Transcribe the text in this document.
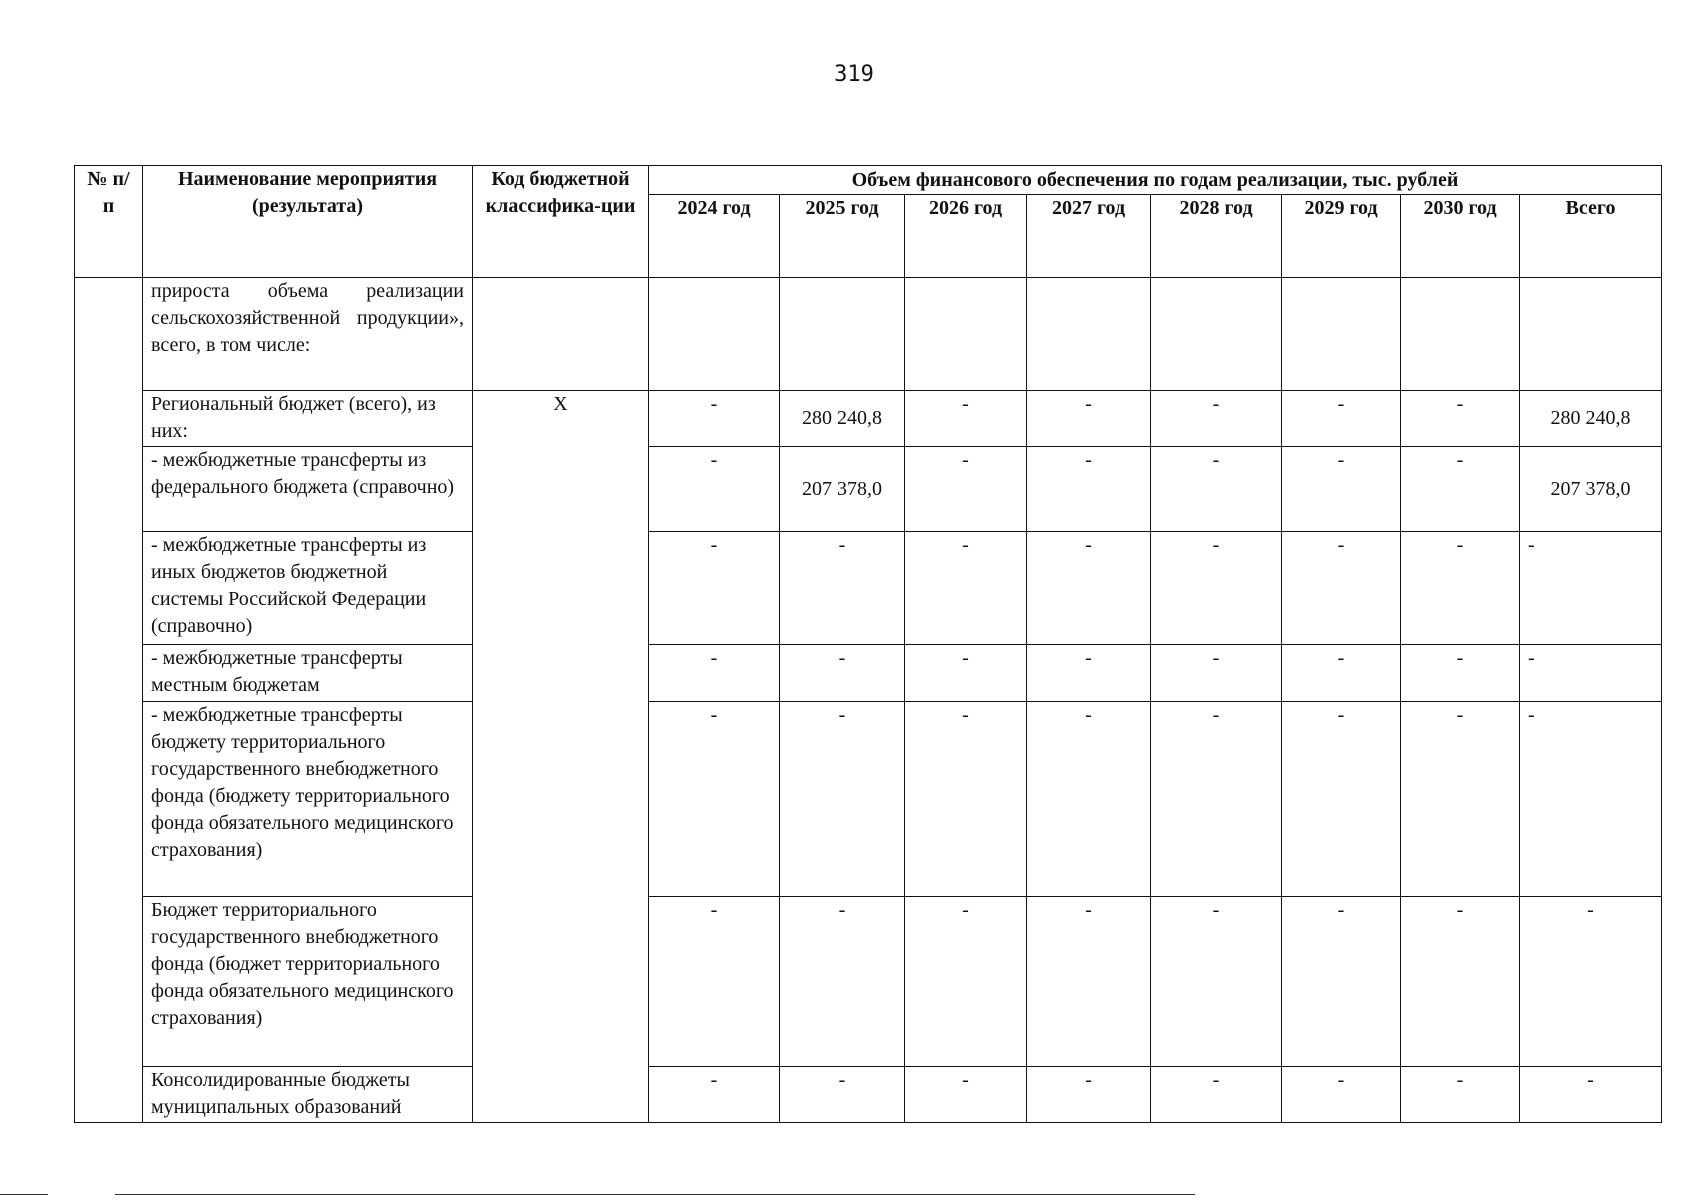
319
№ п/п	Наименование мероприятия (результата)	Код бюджетной классифика-ции	Объем финансового обеспечения по годам реализации, тыс. рублей							
			2024 год	2025 год	2026 год	2027 год	2028 год	2029 год	2030 год	Всего
	прироста объема реализации сельскохозяйственной продукции», всего, в том числе:									
	Региональный бюджет (всего), из них:	Х	-	280 240,8	-	-	-	-	-	280 240,8
	- межбюджетные трансферты из федерального бюджета (справочно)		-	207 378,0	-	-	-	-	-	207 378,0
	- межбюджетные трансферты из иных бюджетов бюджетной системы Российской Федерации (справочно)		-	-	-	-	-	-	-	-
	- межбюджетные трансферты местным бюджетам		-	-	-	-	-	-	-	-
	- межбюджетные трансферты бюджету территориального государственного внебюджетного фонда (бюджету территориального фонда обязательного медицинского страхования)		-	-	-	-	-	-	-	-
	Бюджет территориального государственного внебюджетного фонда (бюджет территориального фонда обязательного медицинского страхования)		-	-	-	-	-	-	-	-
	Консолидированные бюджеты муниципальных образований		-	-	-	-	-	-	-	-
